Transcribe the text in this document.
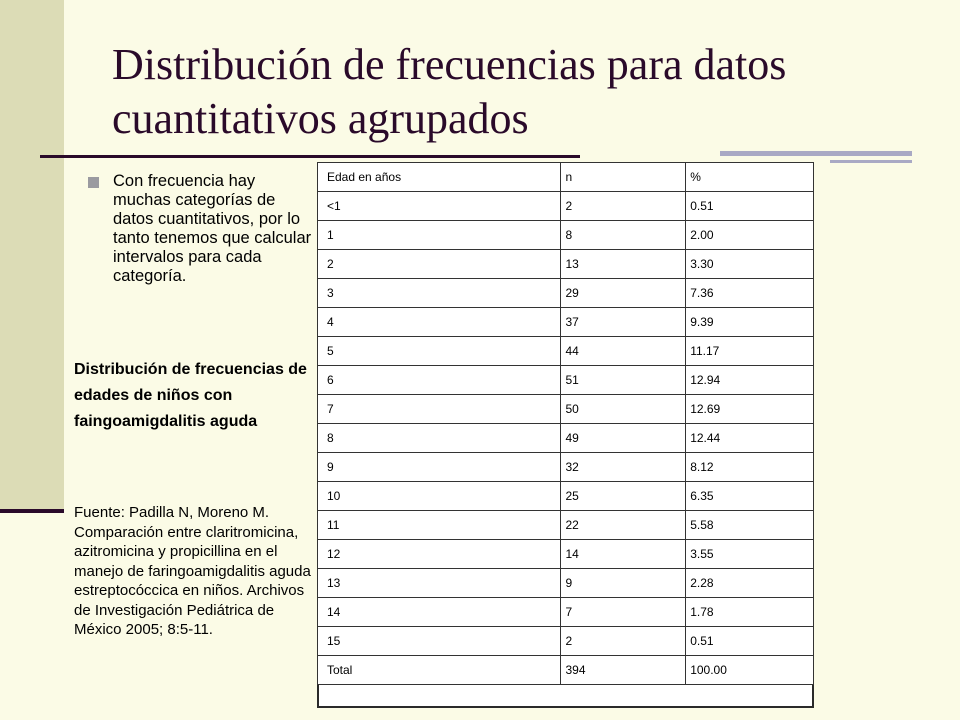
Distribución de frecuencias para datos cuantitativos agrupados
Con frecuencia hay muchas categorías de datos cuantitativos, por lo tanto tenemos que calcular intervalos para cada categoría.
Distribución de frecuencias de edades de niños con faingoamigdalitis aguda
Fuente: Padilla N, Moreno M. Comparación entre claritromicina, azitromicina y propicillina en el manejo de faringoamigdalitis aguda estreptocóccica en niños. Archivos de Investigación Pediátrica de México 2005; 8:5-11.
Edad en años	n	%
<1	2	0.51
1	8	2.00
2	13	3.30
3	29	7.36
4	37	9.39
5	44	11.17
6	51	12.94
7	50	12.69
8	49	12.44
9	32	8.12
10	25	6.35
11	22	5.58
12	14	3.55
13	9	2.28
14	7	1.78
15	2	0.51
Total	394	100.00
